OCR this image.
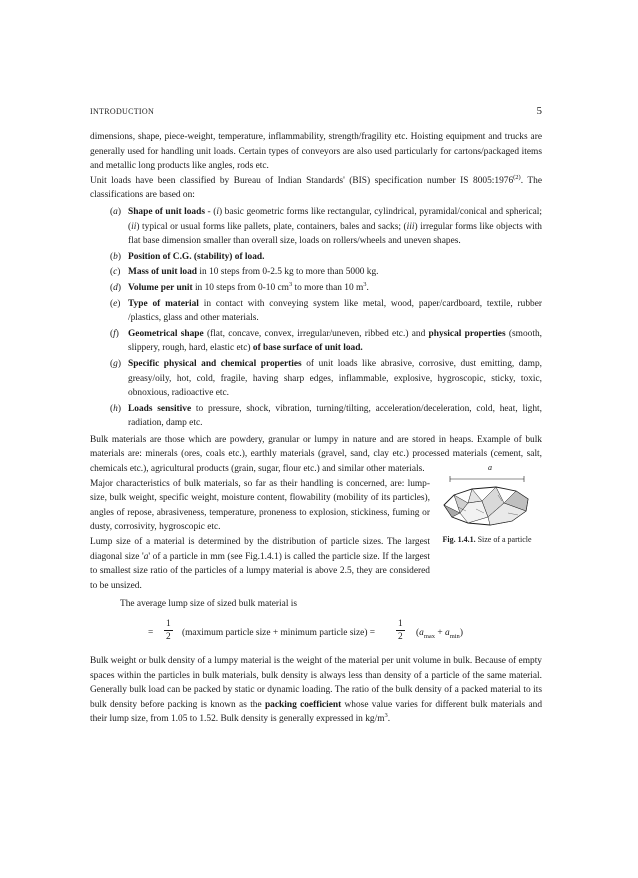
INTRODUCTION	5

dimensions, shape, piece-weight, temperature, inflammability, strength/fragility etc. Hoisting equipment and trucks are generally used for handling unit loads. Certain types of conveyors are also used particularly for cartons/packaged items and metallic long products like angles, rods etc.

Unit loads have been classified by Bureau of Indian Standards' (BIS) specification number IS 8005:1976$^{(2)}$. The classifications are based on:

(a) Shape of unit loads - (i) basic geometric forms like rectangular, cylindrical, pyramidal/conical and spherical; (ii) typical or usual forms like pallets, plate, containers, bales and sacks; (iii) irregular forms like objects with flat base dimension smaller than overall size, loads on rollers/wheels and uneven shapes.
(b) Position of C.G. (stability) of load.
(c) Mass of unit load in 10 steps from 0-2.5 kg to more than 5000 kg.
(d) Volume per unit in 10 steps from 0-10 $cm^3$ to more than 10 $m^3$.
(e) Type of material in contact with conveying system like metal, wood, paper/cardboard, textile, rubber /plastics, glass and other materials.
(f) Geometrical shape (flat, concave, convex, irregular/uneven, ribbed etc.) and physical properties (smooth, slippery, rough, hard, elastic etc) of base surface of unit load.
(g) Specific physical and chemical properties of unit loads like abrasive, corrosive, dust emitting, damp, greasy/oily, hot, cold, fragile, having sharp edges, inflammable, explosive, hygroscopic, sticky, toxic, obnoxious, radioactive etc.
(h) Loads sensitive to pressure, shock, vibration, turning/tilting, acceleration/deceleration, cold, heat, light, radiation, damp etc.

Bulk materials are those which are powdery, granular or lumpy in nature and are stored in heaps. Example of bulk materials are: minerals (ores, coals etc.), earthly materials (gravel, sand, clay etc.) processed materials (cement, salt, chemicals etc.), agricultural products (grain, sugar, flour etc.) and similar other materials.

Major characteristics of bulk materials, so far as their handling is concerned, are: lump-size, bulk weight, specific weight, moisture content, flowability (mobility of its particles), angles of repose, abrasiveness, temperature, proneness to explosion, stickiness, fuming or dusty, corrosivity, hygroscopic etc.

a
Fig. 1.4.1. Size of a particle

Lump size of a material is determined by the distribution of particle sizes. The largest diagonal size 'a' of a particle in mm (see Fig.1.4.1) is called the particle size. If the largest to smallest size ratio of the particles of a lumpy material is above 2.5, they are considered to be unsized.

The average lump size of sized bulk material is

= $\frac{1}{2}$ (maximum particle size + minimum particle size) = $\frac{1}{2} (a_{max} + a_{min})$

Bulk weight or bulk density of a lumpy material is the weight of the material per unit volume in bulk. Because of empty spaces within the particles in bulk materials, bulk density is always less than density of a particle of the same material. Generally bulk load can be packed by static or dynamic loading. The ratio of the bulk density of a packed material to its bulk density before packing is known as the packing coefficient whose value varies for different bulk materials and their lump size, from 1.05 to 1.52. Bulk density is generally expressed in $kg/m^3$.
